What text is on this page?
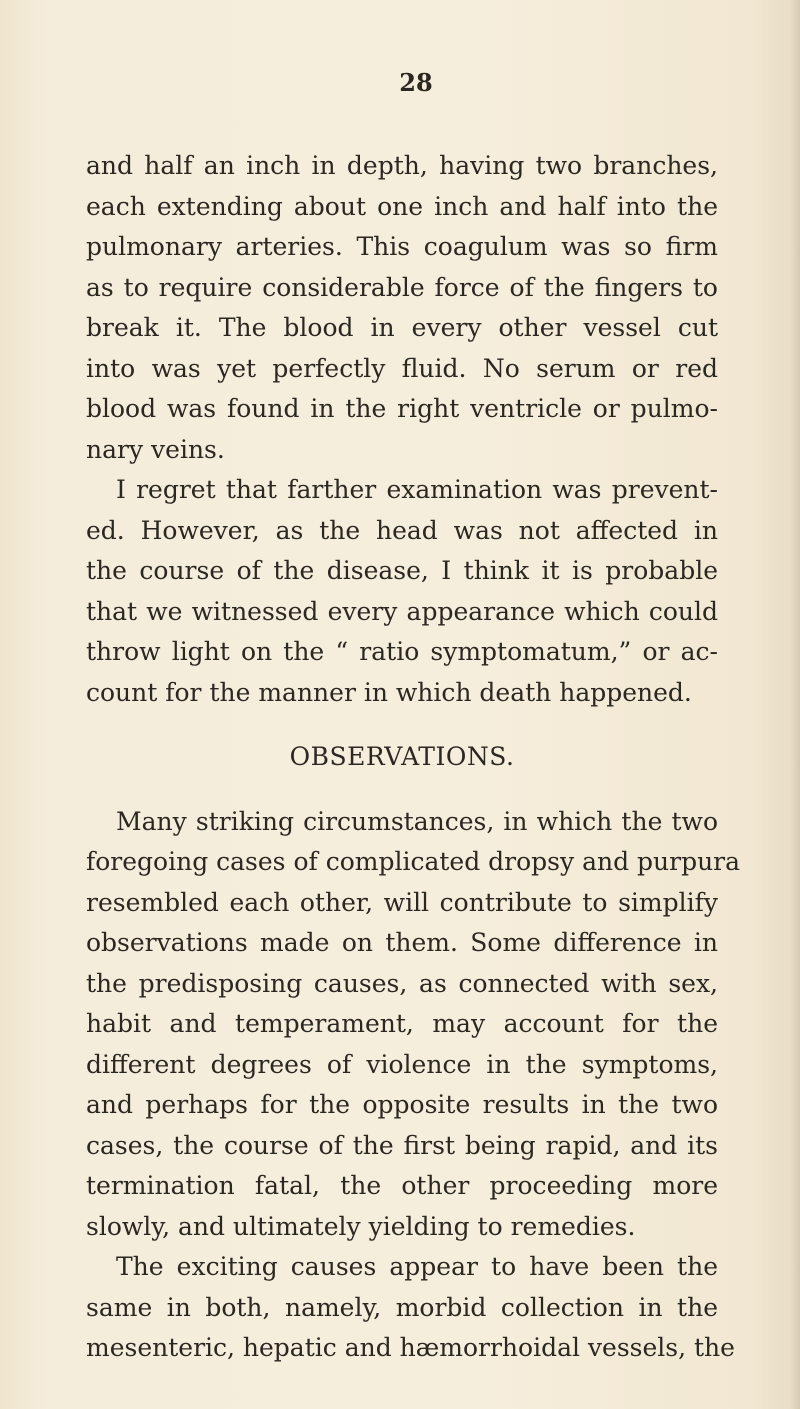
28
and half an inch in depth, having two branches,
each extending about one inch and half into the
pulmonary arteries. This coagulum was so firm
as to require considerable force of the fingers to
break it. The blood in every other vessel cut
into was yet perfectly fluid. No serum or red
blood was found in the right ventricle or pulmo-
nary veins.
I regret that farther examination was prevent-
ed. However, as the head was not affected in
the course of the disease, I think it is probable
that we witnessed every appearance which could
throw light on the “ ratio symptomatum,” or ac-
count for the manner in which death happened.
OBSERVATIONS.
Many striking circumstances, in which the two
foregoing cases of complicated dropsy and purpura
resembled each other, will contribute to simplify
observations made on them. Some difference in
the predisposing causes, as connected with sex,
habit and temperament, may account for the
different degrees of violence in the symptoms,
and perhaps for the opposite results in the two
cases, the course of the first being rapid, and its
termination fatal, the other proceeding more
slowly, and ultimately yielding to remedies.
The exciting causes appear to have been the
same in both, namely, morbid collection in the
mesenteric, hepatic and hæmorrhoidal vessels, the
